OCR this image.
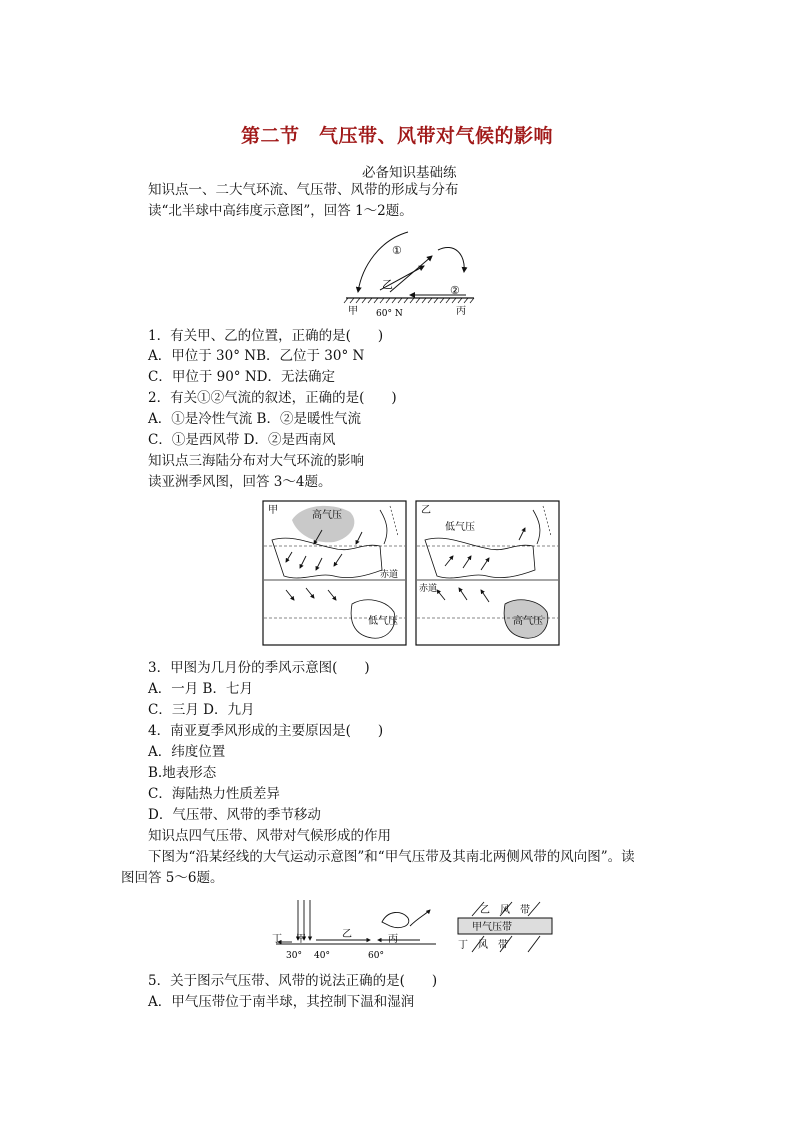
第二节　气压带、风带对气候的影响
必备知识基础练
知识点一、二大气环流、气压带、风带的形成与分布
读“北半球中高纬度示意图”，回答 1～2题。
①
乙	②
甲 60° N	丙
1．有关甲、乙的位置，正确的是(　　)
A．甲位于 30° NB．乙位于 30° N
C．甲位于 90° ND．无法确定
2．有关①②气流的叙述，正确的是(　　)
A．①是冷性气流 B．②是暖性气流
C．①是西风带 D．②是西南风
知识点三海陆分布对大气环流的影响
读亚洲季风图，回答 3～4题。
甲	高气压
赤道
低气压
乙
低气压
赤道
高气压
3．甲图为几月份的季风示意图(　　)
A．一月 B．七月
C．三月 D．九月
4．南亚夏季风形成的主要原因是(　　)
A．纬度位置
B.地表形态
C．海陆热力性质差异
D．气压带、风带的季节移动
知识点四气压带、风带对气候形成的作用
下图为“沿某经线的大气运动示意图”和“甲气压带及其南北两侧风带的风向图”。读
图回答 5～6题。
丁 甲	乙	丙
30° 40°	60°
乙　风　带
甲气压带
丁　风　带
5．关于图示气压带、风带的说法正确的是(　　)
A．甲气压带位于南半球，其控制下温和湿润
